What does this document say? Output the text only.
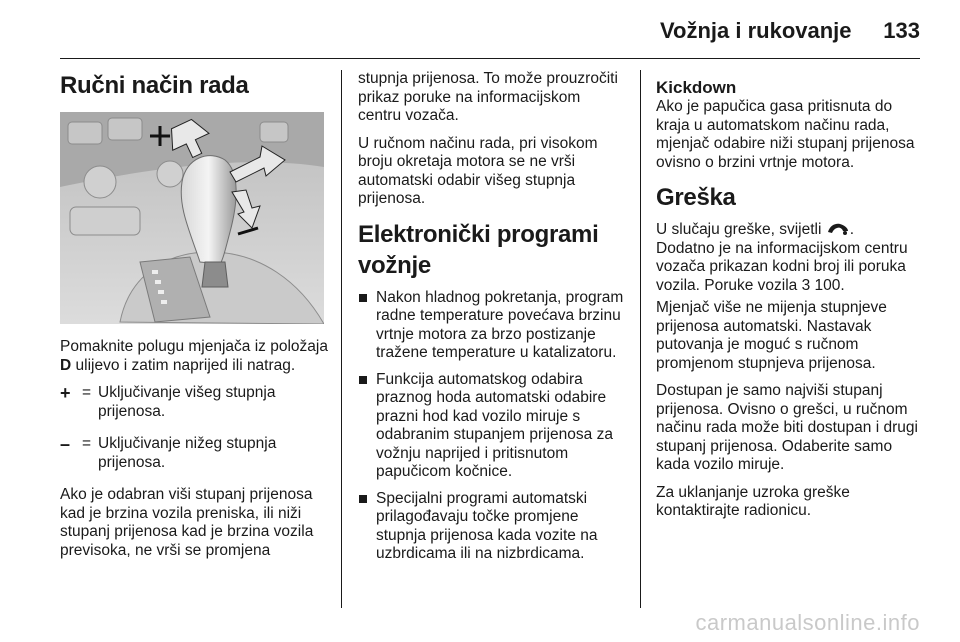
Vožnja i rukovanje 133
Ručni način rada

Pomaknite polugu mjenjača iz položaja D ulijevo i zatim naprijed ili natrag.

+ = Uključivanje višeg stupnja prijenosa.
– = Uključivanje nižeg stupnja prijenosa.

Ako je odabran viši stupanj prijenosa kad je brzina vozila preniska, ili niži stupanj prijenosa kad je brzina vozila previsoka, ne vrši se promjena

stupnja prijenosa. To može prouzročiti prikaz poruke na informacijskom centru vozača.

U ručnom načinu rada, pri visokom broju okretaja motora se ne vrši automatski odabir višeg stupnja prijenosa.

Elektronički programi vožnje
Nakon hladnog pokretanja, program radne temperature povećava brzinu vrtnje motora za brzo postizanje tražene temperature u katalizatoru.
Funkcija automatskog odabira praznog hoda automatski odabire prazni hod kad vozilo miruje s odabranim stupanjem prijenosa za vožnju naprijed i pritisnutom papučicom kočnice.
Specijalni programi automatski prilagođavaju točke promjene stupnja prijenosa kada vozite na uzbrdicama ili na nizbrdicama.
Kickdown

Ako je papučica gasa pritisnuta do kraja u automatskom načinu rada, mjenjač odabire niži stupanj prijenosa ovisno o brzini vrtnje motora.

Greška

U slučaju greške, svijetli .
Dodatno je na informacijskom centru vozača prikazan kodni broj ili poruka vozila. Poruke vozila 3 100.

Mjenjač više ne mijenja stupnjeve prijenosa automatski. Nastavak putovanja je moguć s ručnom promjenom stupnjeva prijenosa.

Dostupan je samo najviši stupanj prijenosa. Ovisno o grešci, u ručnom načinu rada može biti dostupan i drugi stupanj prijenosa. Odaberite samo kada vozilo miruje.

Za uklanjanje uzroka greške kontaktirajte radionicu.

carmanualsonline.info
